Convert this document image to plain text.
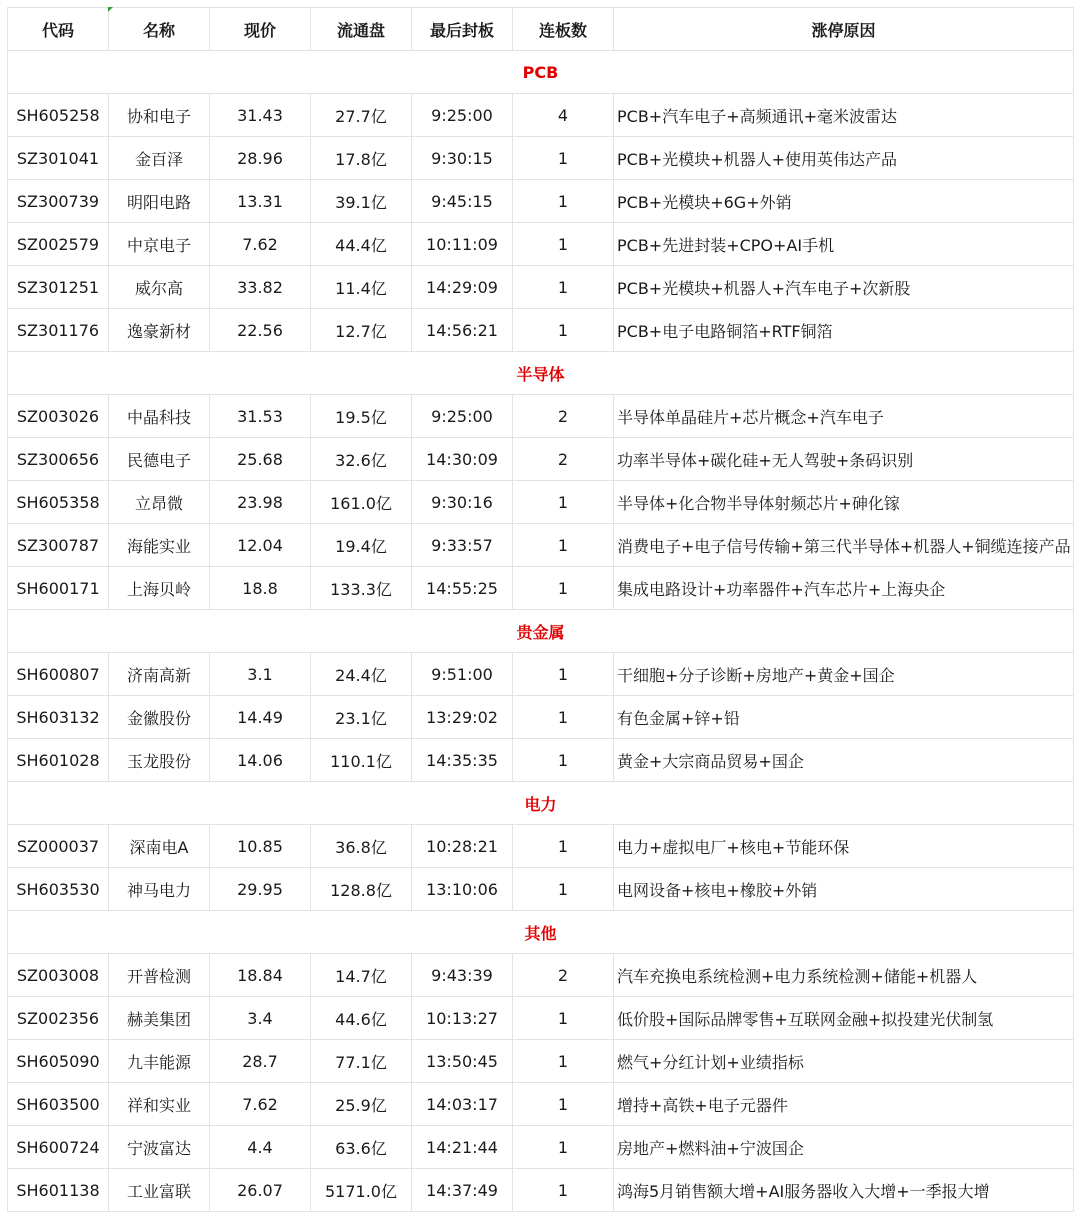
代码	名称	现价	流通盘	最后封板	连板数	涨停原因
PCB						
SH605258	协和电子	31.43	27.7亿	9:25:00	4	PCB+汽车电子+高频通讯+毫米波雷达
SZ301041	金百泽	28.96	17.8亿	9:30:15	1	PCB+光模块+机器人+使用英伟达产品
SZ300739	明阳电路	13.31	39.1亿	9:45:15	1	PCB+光模块+6G+外销
SZ002579	中京电子	7.62	44.4亿	10:11:09	1	PCB+先进封装+CPO+AI手机
SZ301251	威尔高	33.82	11.4亿	14:29:09	1	PCB+光模块+机器人+汽车电子+次新股
SZ301176	逸豪新材	22.56	12.7亿	14:56:21	1	PCB+电子电路铜箔+RTF铜箔
半导体						
SZ003026	中晶科技	31.53	19.5亿	9:25:00	2	半导体单晶硅片+芯片概念+汽车电子
SZ300656	民德电子	25.68	32.6亿	14:30:09	2	功率半导体+碳化硅+无人驾驶+条码识别
SH605358	立昂微	23.98	161.0亿	9:30:16	1	半导体+化合物半导体射频芯片+砷化镓
SZ300787	海能实业	12.04	19.4亿	9:33:57	1	消费电子+电子信号传输+第三代半导体+机器人+铜缆连接产品
SH600171	上海贝岭	18.8	133.3亿	14:55:25	1	集成电路设计+功率器件+汽车芯片+上海央企
贵金属						
SH600807	济南高新	3.1	24.4亿	9:51:00	1	干细胞+分子诊断+房地产+黄金+国企
SH603132	金徽股份	14.49	23.1亿	13:29:02	1	有色金属+锌+铅
SH601028	玉龙股份	14.06	110.1亿	14:35:35	1	黄金+大宗商品贸易+国企
电力						
SZ000037	深南电A	10.85	36.8亿	10:28:21	1	电力+虚拟电厂+核电+节能环保
SH603530	神马电力	29.95	128.8亿	13:10:06	1	电网设备+核电+橡胶+外销
其他						
SZ003008	开普检测	18.84	14.7亿	9:43:39	2	汽车充换电系统检测+电力系统检测+储能+机器人
SZ002356	赫美集团	3.4	44.6亿	10:13:27	1	低价股+国际品牌零售+互联网金融+拟投建光伏制氢
SH605090	九丰能源	28.7	77.1亿	13:50:45	1	燃气+分红计划+业绩指标
SH603500	祥和实业	7.62	25.9亿	14:03:17	1	增持+高铁+电子元器件
SH600724	宁波富达	4.4	63.6亿	14:21:44	1	房地产+燃料油+宁波国企
SH601138	工业富联	26.07	5171.0亿	14:37:49	1	鸿海5月销售额大增+AI服务器收入大增+一季报大增
